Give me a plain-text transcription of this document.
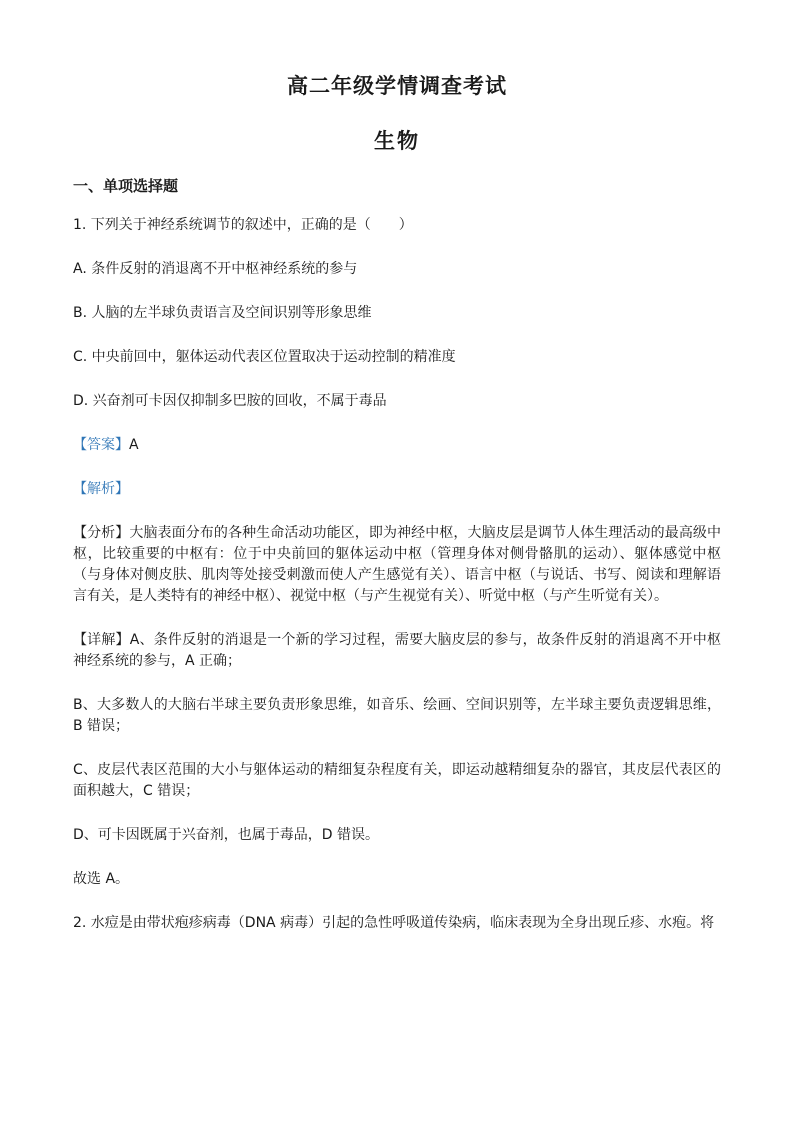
高二年级学情调查考试
生物
一、单项选择题
1. 下列关于神经系统调节的叙述中，正确的是（　　）
A. 条件反射的消退离不开中枢神经系统的参与
B. 人脑的左半球负责语言及空间识别等形象思维
C. 中央前回中，躯体运动代表区位置取决于运动控制的精准度
D. 兴奋剂可卡因仅抑制多巴胺的回收，不属于毒品
【答案】A
【解析】
【分析】大脑表面分布的各种生命活动功能区，即为神经中枢，大脑皮层是调节人体生理活动的最高级中枢，比较重要的中枢有：位于中央前回的躯体运动中枢（管理身体对侧骨骼肌的运动）、躯体感觉中枢（与身体对侧皮肤、肌肉等处接受刺激而使人产生感觉有关）、语言中枢（与说话、书写、阅读和理解语言有关，是人类特有的神经中枢）、视觉中枢（与产生视觉有关）、听觉中枢（与产生听觉有关）。
【详解】A、条件反射的消退是一个新的学习过程，需要大脑皮层的参与，故条件反射的消退离不开中枢神经系统的参与，A 正确；
B、大多数人的大脑右半球主要负责形象思维，如音乐、绘画、空间识别等，左半球主要负责逻辑思维，B 错误；
C、皮层代表区范围的大小与躯体运动的精细复杂程度有关，即运动越精细复杂的器官，其皮层代表区的面积越大，C 错误；
D、可卡因既属于兴奋剂，也属于毒品，D 错误。
故选 A。
2. 水痘是由带状疱疹病毒（DNA 病毒）引起的急性呼吸道传染病，临床表现为全身出现丘疹、水疱。将
